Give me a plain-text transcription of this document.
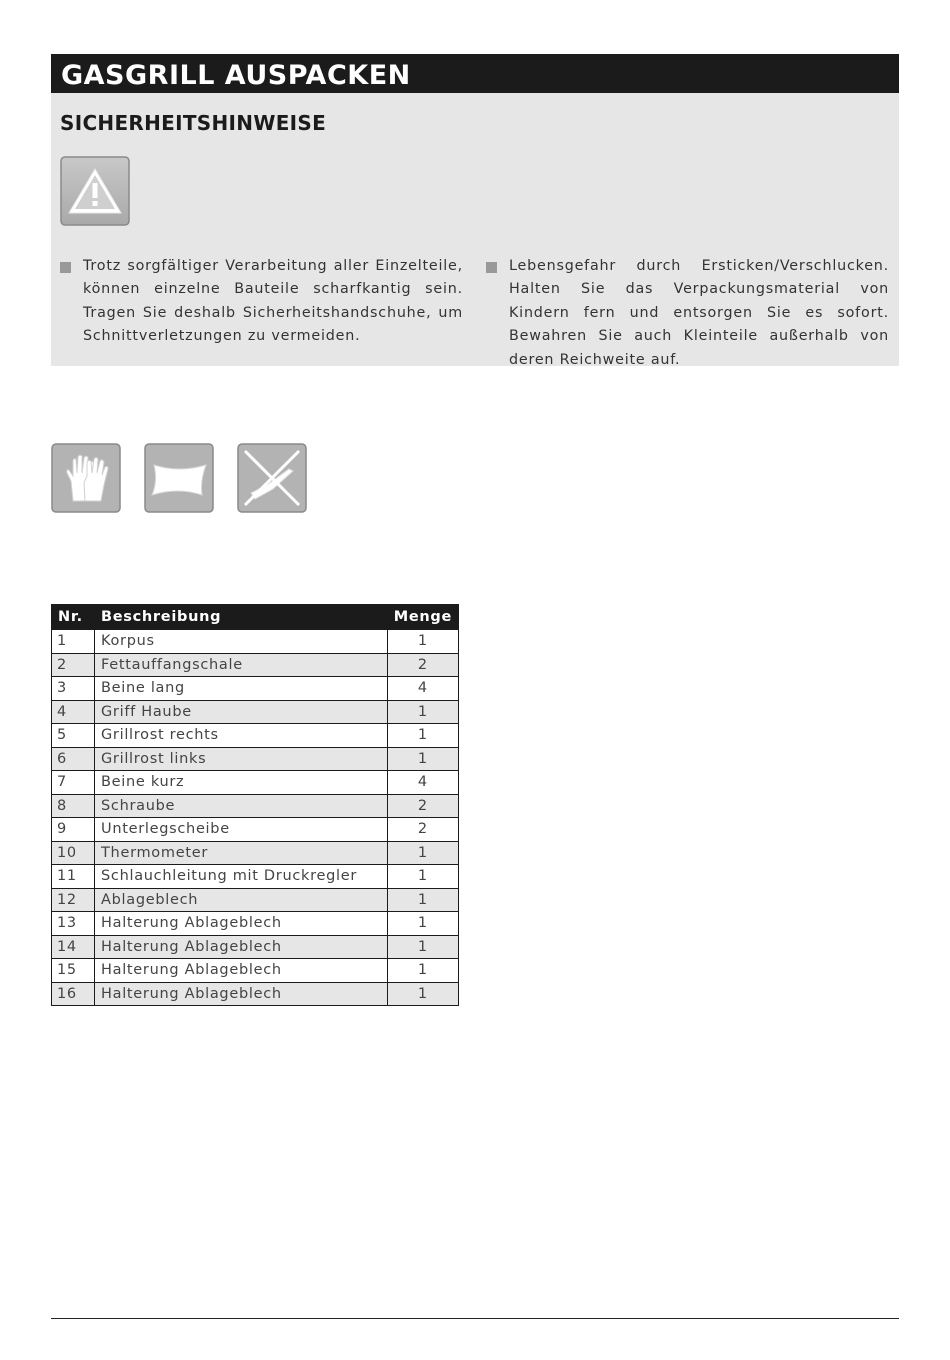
GASGRILL AUSPACKEN
SICHERHEITSHINWEISE

Trotz sorgfältiger Verarbeitung aller Einzelteile, können einzelne Bauteile scharfkantig sein. Tragen Sie deshalb Sicherheitshandschuhe, um Schnittverletzungen zu vermeiden.

Lebensgefahr durch Ersticken/Verschlucken. Halten Sie das Verpackungsmaterial von Kindern fern und entsorgen Sie es sofort. Bewahren Sie auch Kleinteile außerhalb von deren Reichweite auf.

Nr.	Beschreibung	Menge
1	Korpus	1
2	Fettauffangschale	2
3	Beine lang	4
4	Griff Haube	1
5	Grillrost rechts	1
6	Grillrost links	1
7	Beine kurz	4
8	Schraube	2
9	Unterlegscheibe	2
10	Thermometer	1
11	Schlauchleitung mit Druckregler	1
12	Ablageblech	1
13	Halterung Ablageblech	1
14	Halterung Ablageblech	1
15	Halterung Ablageblech	1
16	Halterung Ablageblech	1
